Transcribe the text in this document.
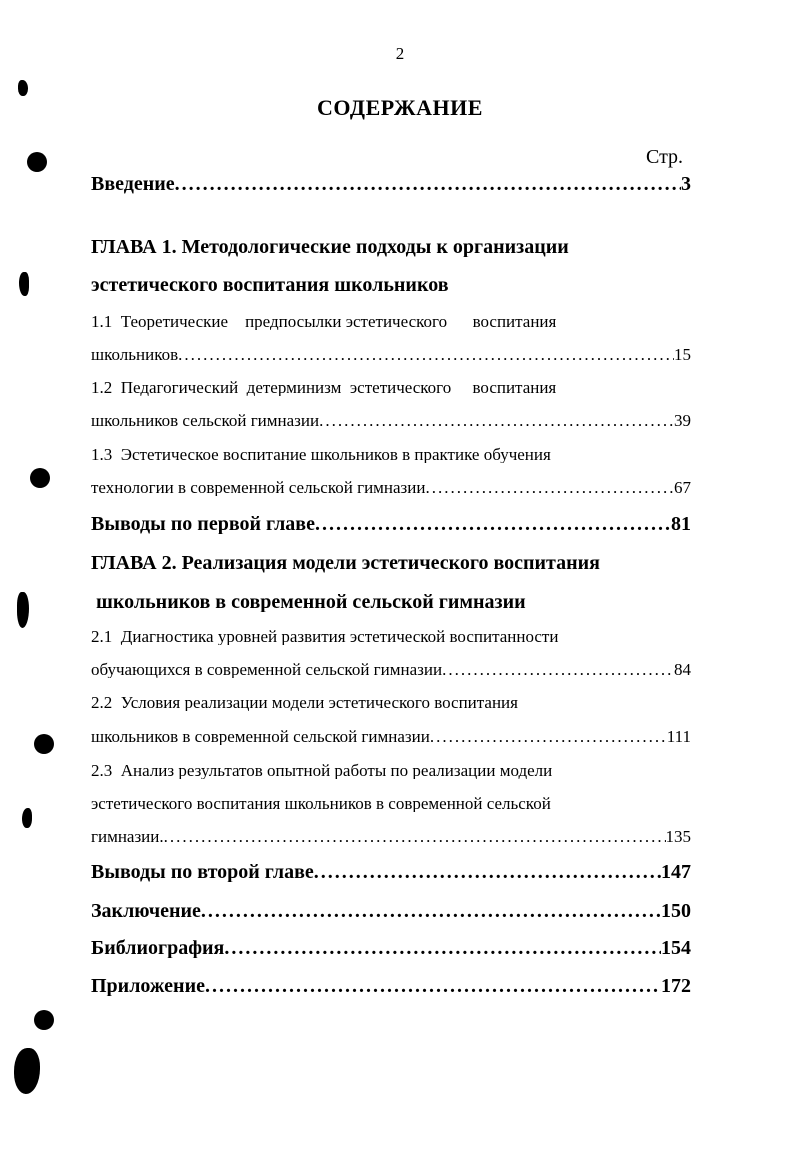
2
СОДЕРЖАНИЕ
Стр.
Введение .....	3
ГЛАВА 1. Методологические подходы к организации
эстетического воспитания школьников
1.1  Теоретические    предпосылки эстетического      воспитания
школьников .....	15
1.2  Педагогический  детерминизм  эстетического     воспитания
школьников сельской гимназии .....	39
1.3  Эстетическое воспитание школьников в практике обучения
технологии в современной сельской гимназии .....	67
Выводы по первой главе .....	81
ГЛАВА 2. Реализация модели эстетического воспитания
школьников в современной сельской гимназии
2.1  Диагностика уровней развития эстетической воспитанности
обучающихся в современной сельской гимназии .....	84
2.2  Условия реализации модели эстетического воспитания
школьников в современной сельской гимназии .....	111
2.3  Анализ результатов опытной работы по реализации модели
эстетического воспитания школьников в современной сельской
гимназии. .....	135
Выводы по второй главе .....	147
Заключение .....	150
Библиография .....	154
Приложение .....	172
